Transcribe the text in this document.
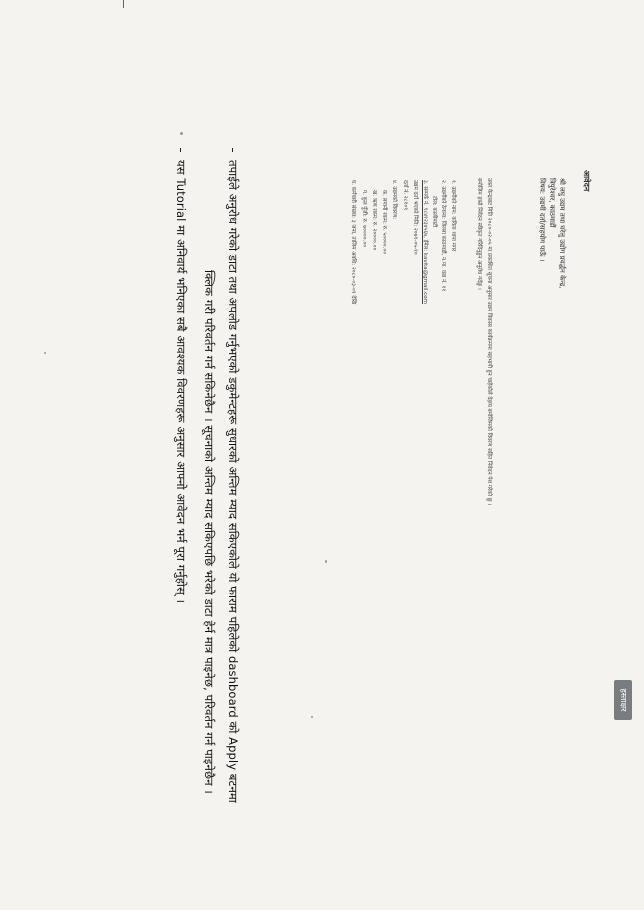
आवेदन
श्री लघु उद्यम तथा घरेलु उद्योग प्रवर्द्धन केन्द्र,
त्रिपुरेश्वर, काठमाडौं
विषय: उद्यमी दर्ता/सहयोग पाऊँ ।
उक्त केन्द्रबाट मिति २०८०-०२-०५ मा प्रकाशित सूचना अनुसार उद्यम विकास कार्यक्रममा सहभागी हुन चाहेकोले देहाय बमोजिमको विवरण सहित निवेदन पेश गरेको छु ।
बमोजिम हाम्रो निवेदन स्वीकृत गरिदिनुहुन अनुरोध गर्दछु ।
१. उद्यमीको नाम: कविता थापा मगर
२. उद्यमीको ठेगाना: जिल्ला काठमाडौं, न.पा. वडा नं. ११
टोल: कालीमाटी
३. सम्पर्क नं. ९८४१२३४५६७, ईमेल: kavita@gmail.com
उद्यम दर्ता भएको मिति: २०७९-०५-१०
दर्ता नं. २८१०९
४. उद्यमको विवरण:
क. लगानी रकम: रु. ५००००.००
ख. ऋण रकम: रु. २००००.००
ग. कुल पुँजी: रु. ७००००.००
घ. कर्मचारी संख्या: ३ जना, तालिम अवधि: २०८०-०३-०१ देखि
तपाईले अनुरोध गरेको डाटा तथा अपलोड गर्नुभएको डकुमेन्टहरू सुधारको अन्तिम म्याद सकिएकोले यो फाराम पहिलेको dashboard को Apply बटनमा
क्लिक गरी परिवर्तन गर्न सकिनेछैन । सूचनाको अन्तिम म्याद सकिएपछि भरेको डाटा हेर्न मात्र पाइनेछ, परिवर्तन गर्न पाइनेछैन ।
यस Tutorial मा अनिवार्य भनिएका सबै आवश्यक विवरणहरू अनुसार आफ्नो आवेदन भर्न पूरा गर्नुहोस् ।
हस्ताक्षर
